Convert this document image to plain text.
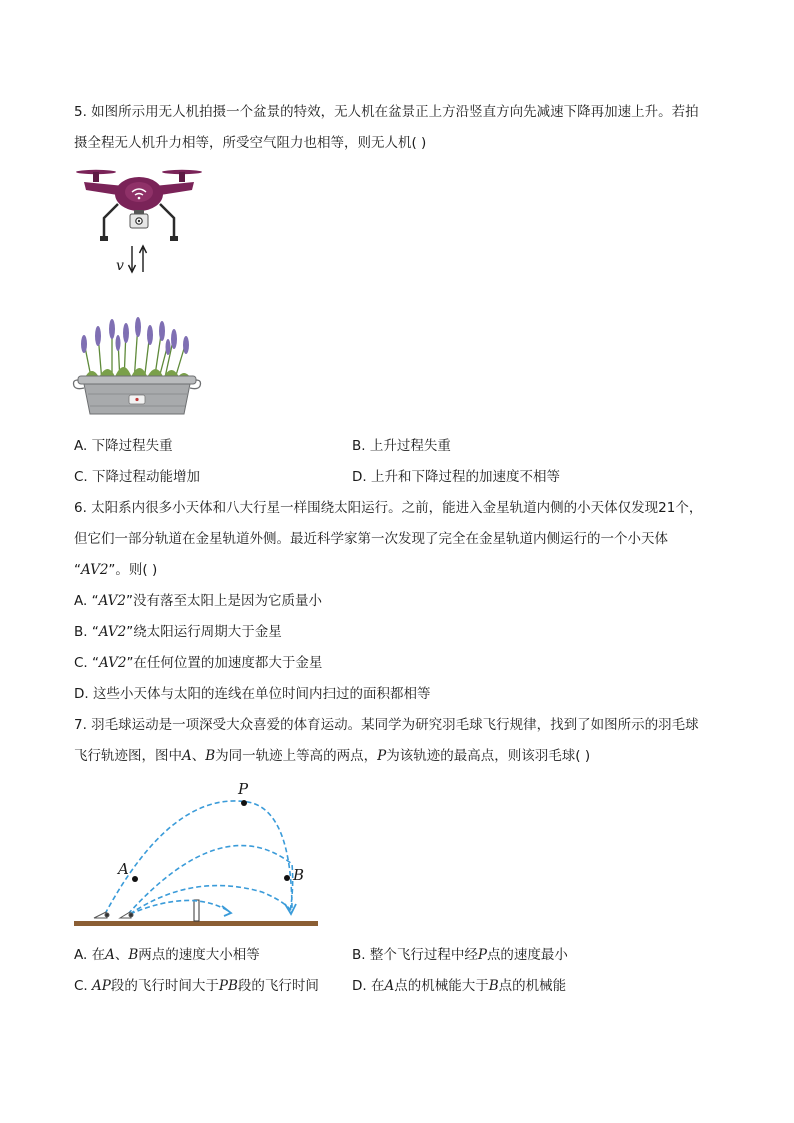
5. 如图所示用无人机拍摄一个盆景的特效，无人机在盆景正上方沿竖直方向先减速下降再加速上升。若拍
摄全程无人机升力相等，所受空气阻力也相等，则无人机( )
v
A. 下降过程失重	B. 上升过程失重
C. 下降过程动能增加	D. 上升和下降过程的加速度不相等
6. 太阳系内很多小天体和八大行星一样围绕太阳运行。之前，能进入金星轨道内侧的小天体仅发现21个，
但它们一部分轨道在金星轨道外侧。最近科学家第一次发现了完全在金星轨道内侧运行的一个小天体
“AV2”。则( )
A. “AV2”没有落至太阳上是因为它质量小
B. “AV2”绕太阳运行周期大于金星
C. “AV2”在任何位置的加速度都大于金星
D. 这些小天体与太阳的连线在单位时间内扫过的面积都相等
7. 羽毛球运动是一项深受大众喜爱的体育运动。某同学为研究羽毛球飞行规律，找到了如图所示的羽毛球
飞行轨迹图，图中A、B为同一轨迹上等高的两点，P为该轨迹的最高点，则该羽毛球( )
P
A	B
A. 在A、B两点的速度大小相等	B. 整个飞行过程中经P点的速度最小
C. AP段的飞行时间大于PB段的飞行时间 D. 在A点的机械能大于B点的机械能
